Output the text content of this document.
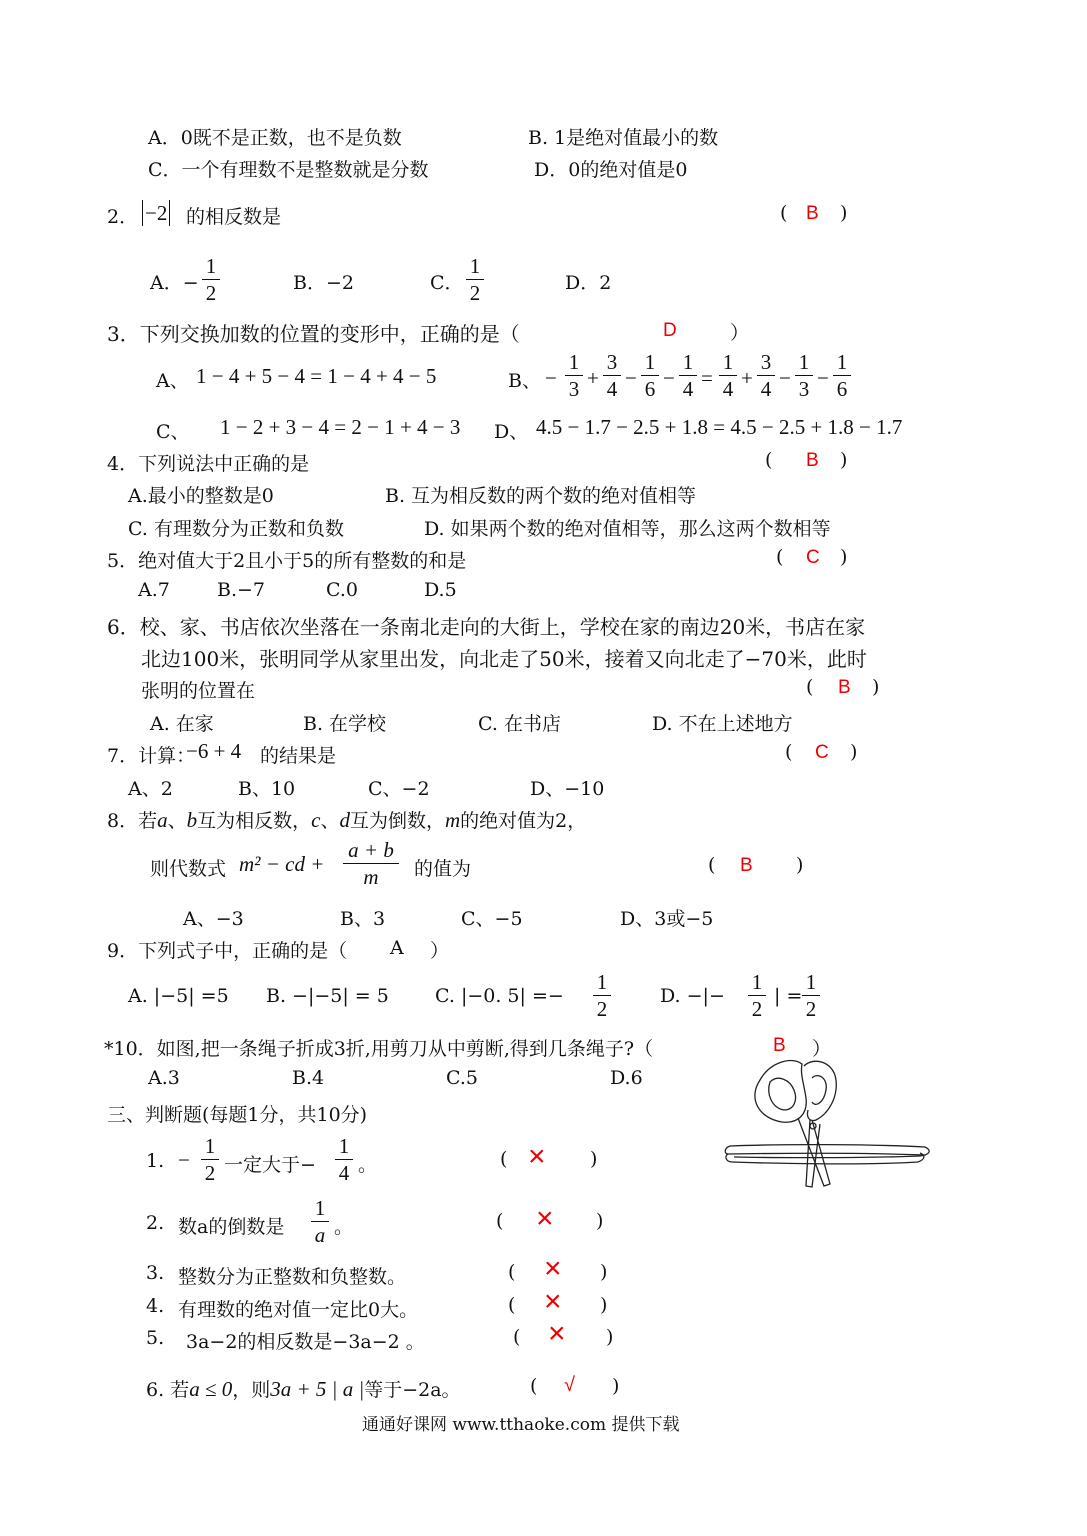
A．0既不是正数，也不是负数	B. 1是绝对值最小的数
C．一个有理数不是整数就是分数	D．0的绝对值是0
2． −2 的相反数是	( B )
A．−
1
2	B．−2	C．
1
2	D．2
3．下列交换加数的位置的变形中，正确的是（	D	）
A、 1 − 4 + 5 − 4 = 1 − 4 + 4 − 5	B、 −
1
3 +
3
4 −
1
6 −
1
4 =
1
4 +
3
4 −
1
3 −
1
6
C、 1 − 2 + 3 − 4 = 2 − 1 + 4 − 3 D、 4.5 − 1.7 − 2.5 + 1.8 = 4.5 − 2.5 + 1.8 − 1.7
4．下列说法中正确的是	( B )
A.最小的整数是0	B. 互为相反数的两个数的绝对值相等
C. 有理数分为正数和负数	D. 如果两个数的绝对值相等，那么这两个数相等
5．绝对值大于2且小于5的所有整数的和是	( C )
A.7 B.−7	C.0	D.5
6．校、家、书店依次坐落在一条南北走向的大街上，学校在家的南边20米，书店在家
北边100米，张明同学从家里出发，向北走了50米，接着又向北走了−70米，此时
张明的位置在	( B )
A. 在家	B. 在学校	C. 在书店	D. 不在上述地方
7．计算：
−6 + 4 的结果是	( C )
A、2	B、10	C、−2	D、−10
8．若a、b互为相反数，c、d互为倒数，m的绝对值为2，
则代数式 m² − cd +
a + b
m	的值为	( B )
A、−3	B、3	C、−5	D、3或−5
9．下列式子中，正确的是（ A ）
A. |−5| =5 B. −|−5| = 5 C. |−0. 5| =−
1
2
D. −|−
1
2
| =
1
2
*10．如图,把一条绳子折成3折,用剪刀从中剪断,得到几条绳子?（	B ）
A.3	B.4	C.5	D.6
三、判断题(每题1分，共10分)
1. −
1
2 一定大于−
1
4 。	( × )
2. 数a的倒数是
1
a 。	( × )
3. 整数分为正整数和负整数。	( × )
4. 有理数的绝对值一定比0大。	( × )
5. 3a−2的相反数是−3a−2 。	( × )
6. 若a ≤ 0，则3a + 5 | a |等于−2a。	( √ )
通通好课网 www.tthaoke.com 提供下载
